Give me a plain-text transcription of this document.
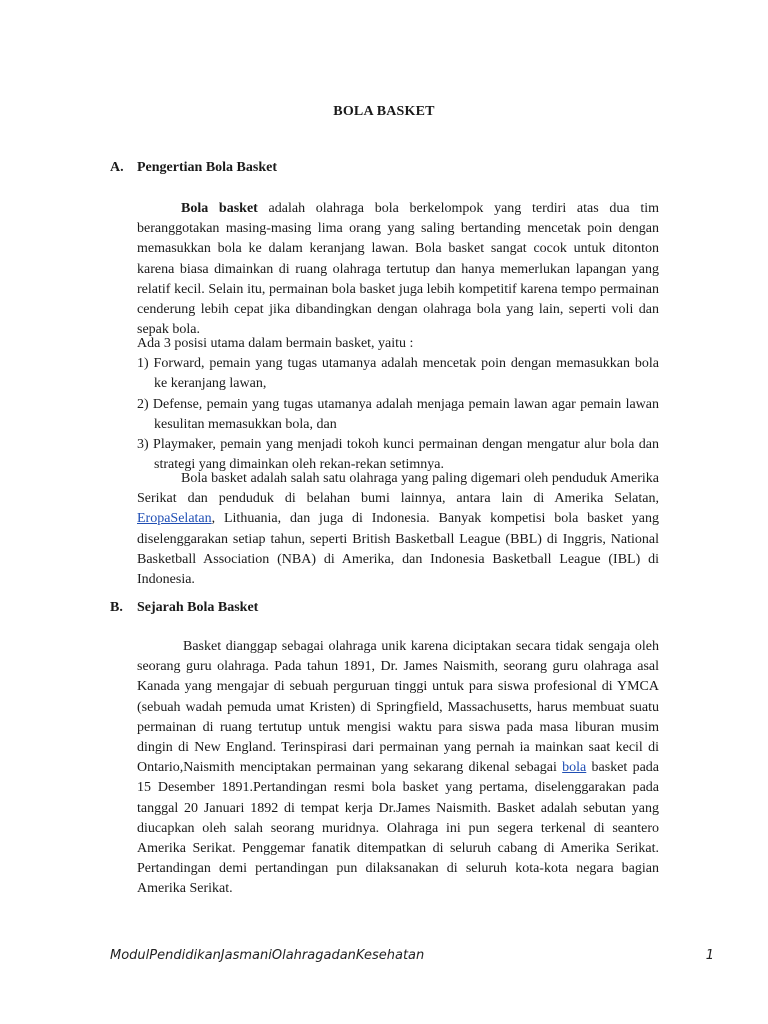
BOLA BASKET
A. Pengertian Bola Basket

Bola basket adalah olahraga bola berkelompok yang terdiri atas dua tim beranggotakan masing-masing lima orang yang saling bertanding mencetak poin dengan memasukkan bola ke dalam keranjang lawan. Bola basket sangat cocok untuk ditonton karena biasa dimainkan di ruang olahraga tertutup dan hanya memerlukan lapangan yang relatif kecil. Selain itu, permainan bola basket juga lebih kompetitif karena tempo permainan cenderung lebih cepat jika dibandingkan dengan olahraga bola yang lain, seperti voli dan sepak bola.

Ada 3 posisi utama dalam bermain basket, yaitu :

1) Forward, pemain yang tugas utamanya adalah mencetak poin dengan memasukkan bola ke keranjang lawan,

2) Defense, pemain yang tugas utamanya adalah menjaga pemain lawan agar pemain lawan kesulitan memasukkan bola, dan

3) Playmaker, pemain yang menjadi tokoh kunci permainan dengan mengatur alur bola dan strategi yang dimainkan oleh rekan-rekan setimnya.

Bola basket adalah salah satu olahraga yang paling digemari oleh penduduk Amerika Serikat dan penduduk di belahan bumi lainnya, antara lain di Amerika Selatan, EropaSelatan, Lithuania, dan juga di Indonesia. Banyak kompetisi bola basket yang diselenggarakan setiap tahun, seperti British Basketball League (BBL) di Inggris, National Basketball Association (NBA) di Amerika, dan Indonesia Basketball League (IBL) di Indonesia.

B. Sejarah Bola Basket

Basket dianggap sebagai olahraga unik karena diciptakan secara tidak sengaja oleh seorang guru olahraga. Pada tahun 1891, Dr. James Naismith, seorang guru olahraga asal Kanada yang mengajar di sebuah perguruan tinggi untuk para siswa profesional di YMCA (sebuah wadah pemuda umat Kristen) di Springfield, Massachusetts, harus membuat suatu permainan di ruang tertutup untuk mengisi waktu para siswa pada masa liburan musim dingin di New England. Terinspirasi dari permainan yang pernah ia mainkan saat kecil di Ontario,Naismith menciptakan permainan yang sekarang dikenal sebagai bola basket pada 15 Desember 1891.Pertandingan resmi bola basket yang pertama, diselenggarakan pada tanggal 20 Januari 1892 di tempat kerja Dr.James Naismith. Basket adalah sebutan yang diucapkan oleh salah seorang muridnya. Olahraga ini pun segera terkenal di seantero Amerika Serikat. Penggemar fanatik ditempatkan di seluruh cabang di Amerika Serikat. Pertandingan demi pertandingan pun dilaksanakan di seluruh kota-kota negara bagian Amerika Serikat.

ModulPendidikanJasmaniOlahragadanKesehatan	1
